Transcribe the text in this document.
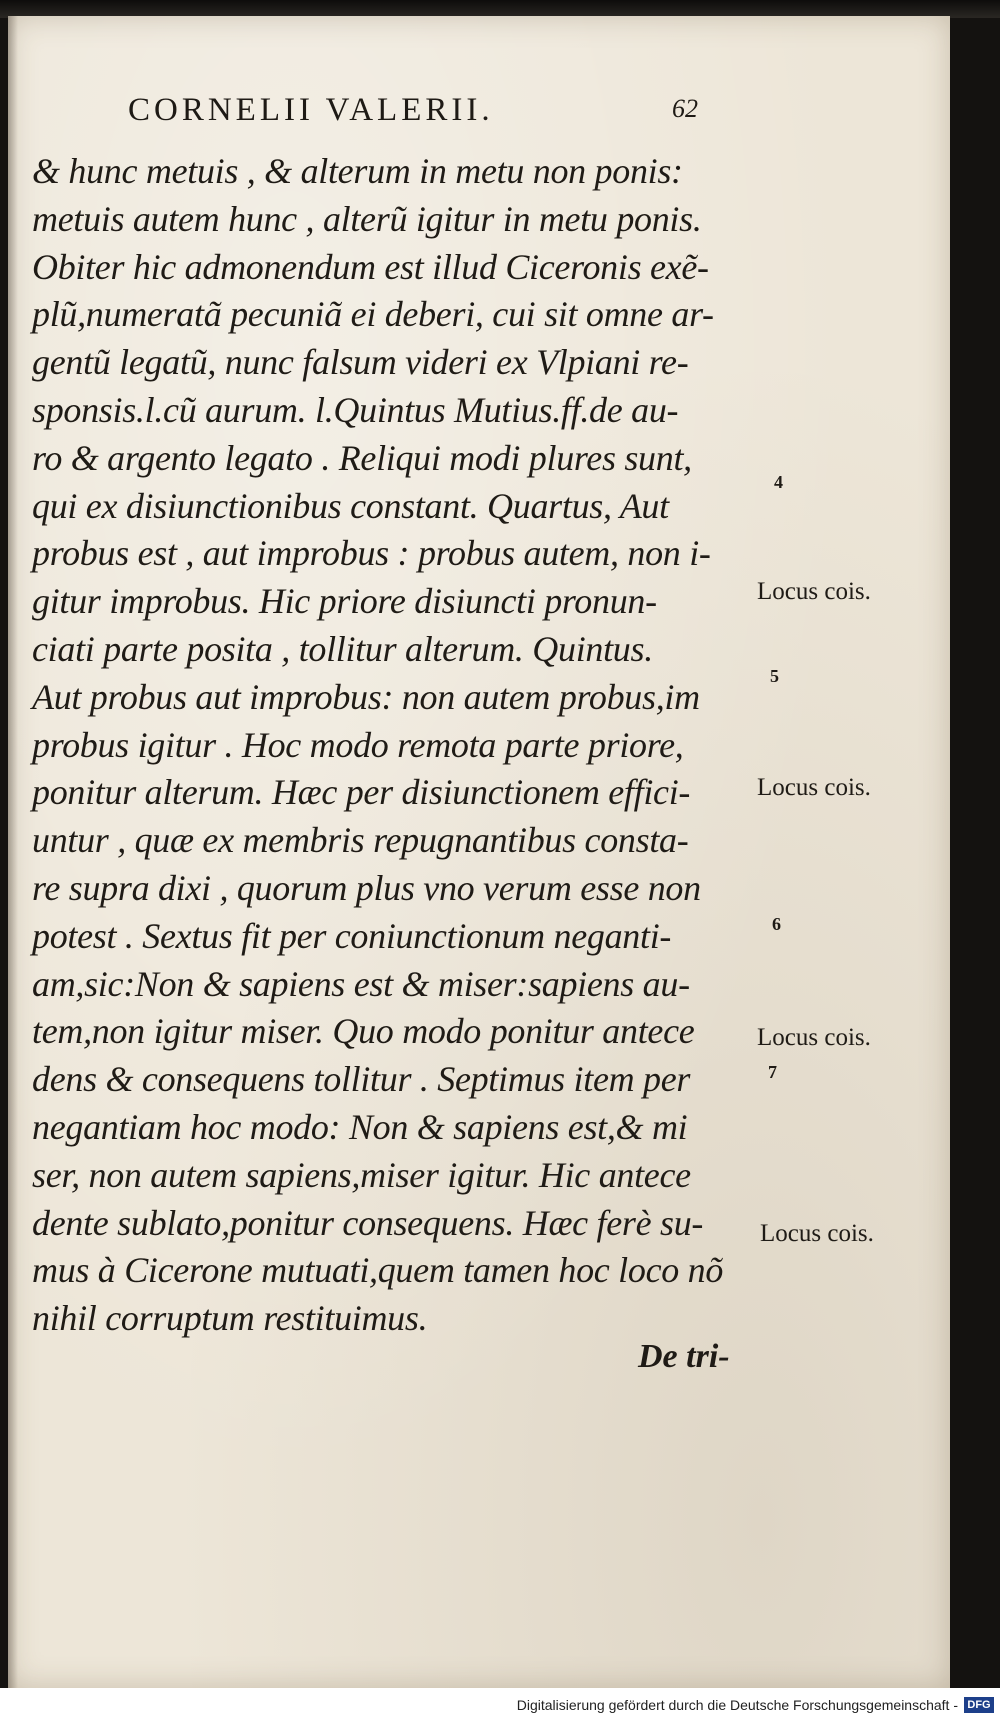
CORNELII VALERII.	62
& hunc metuis , & alterum in metu non ponis:
metuis autem hunc , alterũ igitur in metu ponis.
Obiter hic admonendum est illud Ciceronis exẽ-
plũ,numeratã pecuniã ei deberi, cui sit omne ar-
gentũ legatũ, nunc falsum videri ex Vlpiani re-
sponsis.l.cũ aurum. l.Quintus Mutius.ff.de au-
ro & argento legato . Reliqui modi plures sunt,
qui ex disiunctionibus constant. Quartus, Aut
probus est , aut improbus : probus autem, non i-
gitur improbus. Hic priore disiuncti pronun-
ciati parte posita , tollitur alterum. Quintus.
Aut probus aut improbus: non autem probus,im
probus igitur . Hoc modo remota parte priore,
ponitur alterum. Hæc per disiunctionem effici-
untur , quæ ex membris repugnantibus consta-
re supra dixi , quorum plus vno verum esse non
potest . Sextus fit per coniunctionum neganti-
am,sic:Non & sapiens est & miser:sapiens au-
tem,non igitur miser. Quo modo ponitur antece
dens & consequens tollitur . Septimus item per
negantiam hoc modo: Non & sapiens est,& mi
ser, non autem sapiens,miser igitur. Hic antece
dente sublato,ponitur consequens. Hæc ferè su-
mus à Cicerone mutuati,quem tamen hoc loco nõ
nihil corruptum restituimus.
De tri-
4
Locus cois.
5
Locus cois.
6
Locus cois.
7
Locus cois.
Digitalisierung gefördert durch die Deutsche Forschungsgemeinschaft - DFG
